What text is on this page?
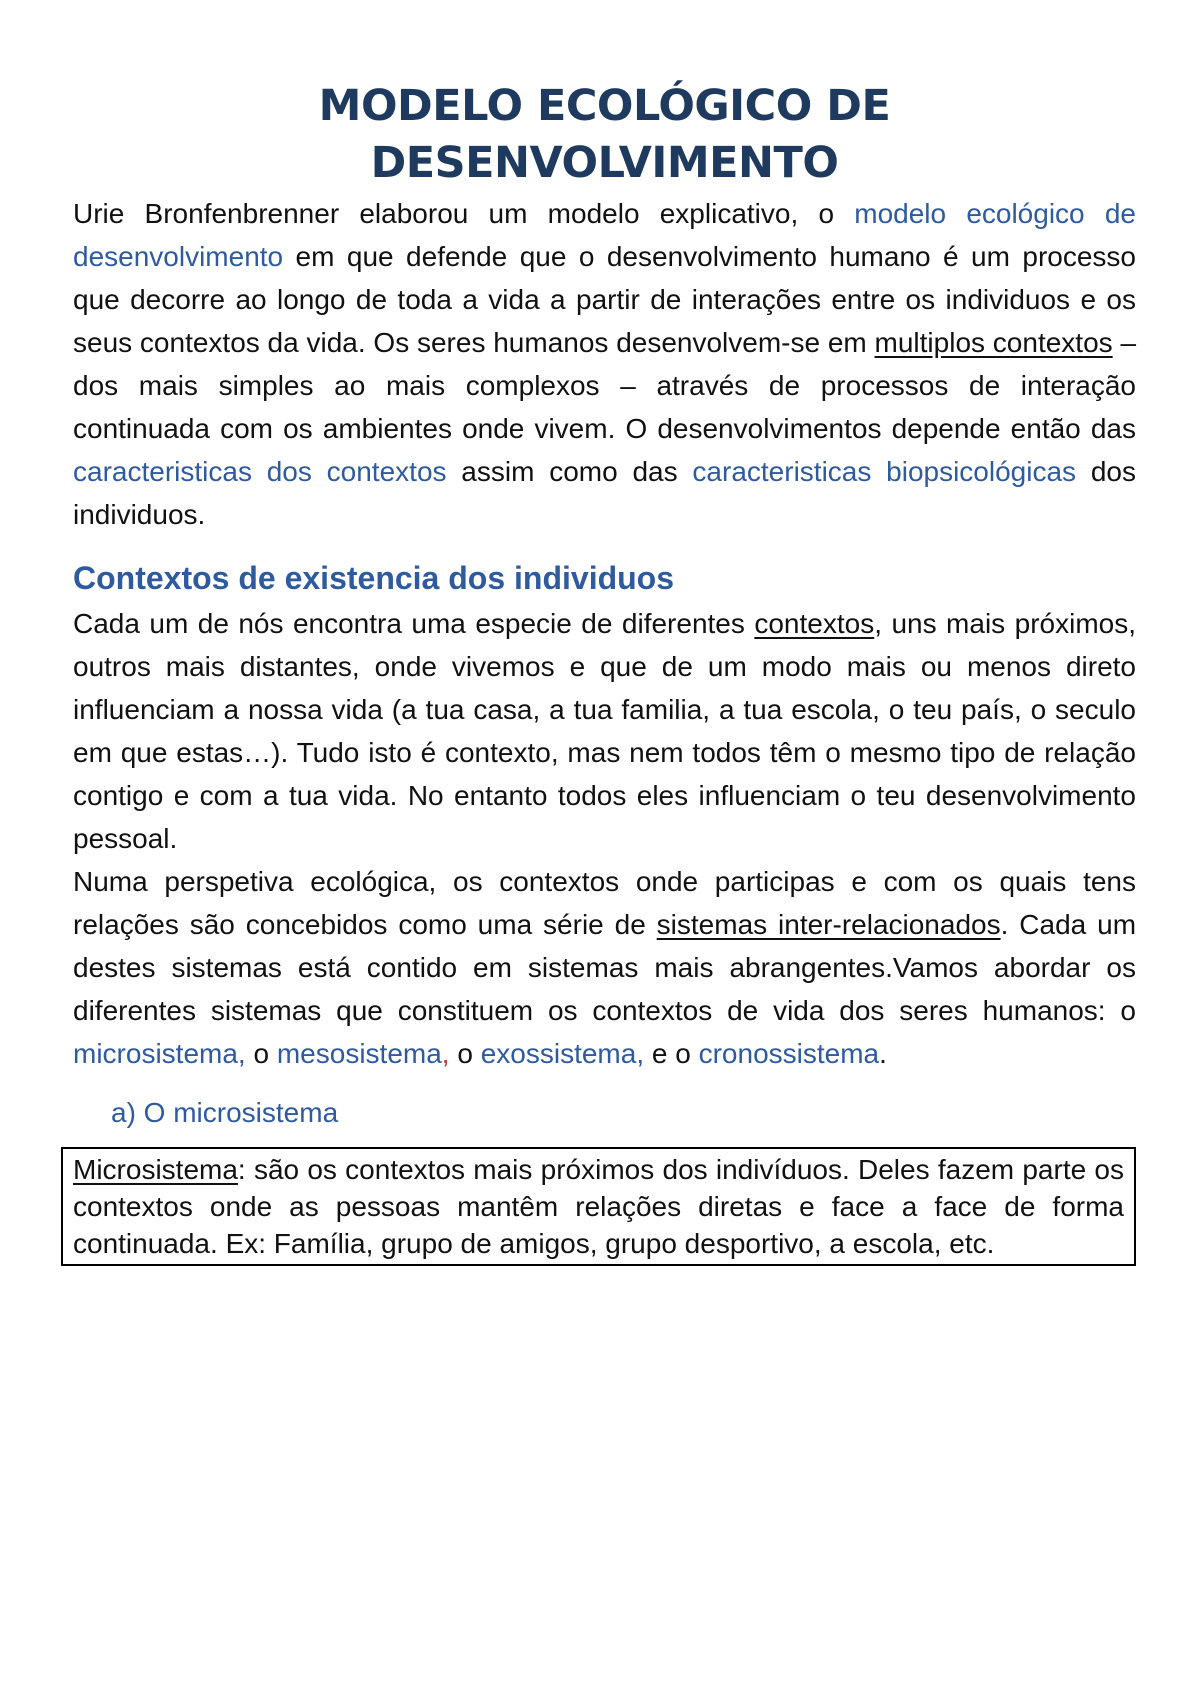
MODELO ECOLÓGICO DE
DESENVOLVIMENTO

Urie Bronfenbrenner elaborou um modelo explicativo, o modelo ecológico de desenvolvimento em que defende que o desenvolvimento humano é um processo que decorre ao longo de toda a vida a partir de interações entre os individuos e os seus contextos da vida. Os seres humanos desenvolvem-se em multiplos contextos – dos mais simples ao mais complexos – através de processos de interação continuada com os ambientes onde vivem. O desenvolvimentos depende então das caracteristicas dos contextos assim como das caracteristicas biopsicológicas dos individuos.

Contextos de existencia dos individuos

Cada um de nós encontra uma especie de diferentes contextos, uns mais próximos, outros mais distantes, onde vivemos e que de um modo mais ou menos direto influenciam a nossa vida (a tua casa, a tua familia, a tua escola, o teu país, o seculo em que estas…). Tudo isto é contexto, mas nem todos têm o mesmo tipo de relação contigo e com a tua vida. No entanto todos eles influenciam o teu desenvolvimento pessoal.

Numa perspetiva ecológica, os contextos onde participas e com os quais tens relações são concebidos como uma série de sistemas inter-relacionados. Cada um destes sistemas está contido em sistemas mais abrangentes.Vamos abordar os diferentes sistemas que constituem os contextos de vida dos seres humanos: o microsistema, o mesosistema, o exossistema, e o cronossistema.

a) O microsistema
Microsistema: são os contextos mais próximos dos indivíduos. Deles fazem parte os contextos onde as pessoas mantêm relações diretas e face a face de forma continuada. Ex: Família, grupo de amigos, grupo desportivo, a escola, etc.
